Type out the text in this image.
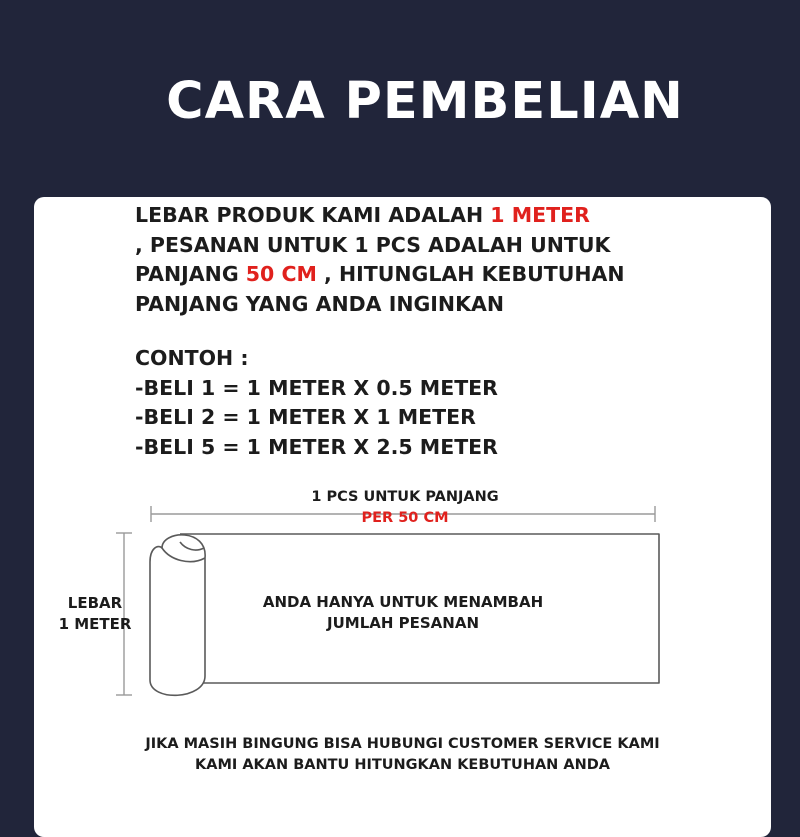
CARA PEMBELIAN
LEBAR PRODUK KAMI ADALAH 1 METER
, PESANAN UNTUK 1 PCS ADALAH UNTUK
PANJANG 50 CM , HITUNGLAH KEBUTUHAN
PANJANG YANG ANDA INGINKAN
CONTOH :
-BELI 1 = 1 METER X 0.5 METER
-BELI 2 = 1 METER X 1 METER
-BELI 5 = 1 METER X 2.5 METER
1 PCS UNTUK PANJANG
PER 50 CM
LEBAR
1 METER
ANDA HANYA UNTUK MENAMBAH
JUMLAH PESANAN
JIKA MASIH BINGUNG BISA HUBUNGI CUSTOMER SERVICE KAMI
KAMI AKAN BANTU HITUNGKAN KEBUTUHAN ANDA
